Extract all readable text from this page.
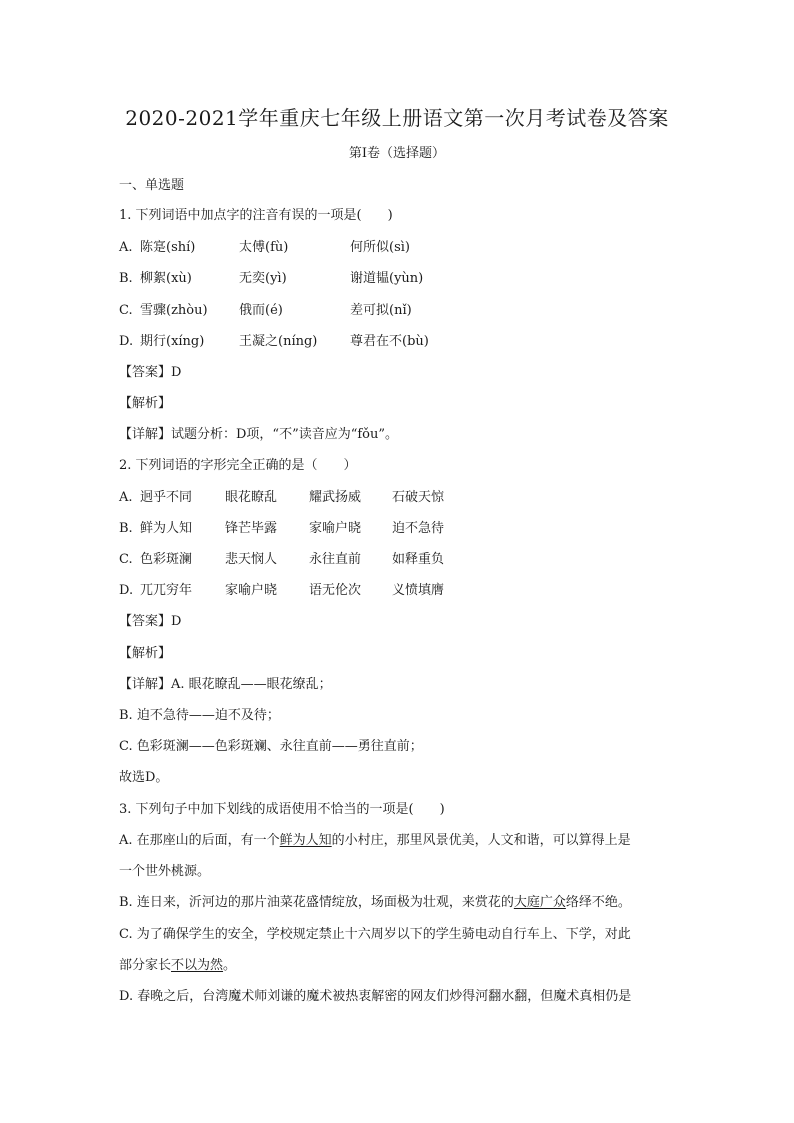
2020-2021学年重庆七年级上册语文第一次月考试卷及答案
第I卷（选择题）
一、单选题
1. 下列词语中加点字的注音有误的一项是(　　)
A. 陈寔(shí)	太傅(fù)	何所似(sì)
B. 柳絮(xù)	无奕(yì)	谢道韫(yùn)
C. 雪骤(zhòu) 俄而(é)	差可拟(nǐ)
D. 期行(xíng)	王凝之(níng)	尊君在不(bù)
【答案】D
【解析】
【详解】试题分析：D项，“不”读音应为“fǒu”。
2. 下列词语的字形完全正确的是（　　）
A. 迥乎不同	眼花瞭乱 耀武扬威 石破天惊
B. 鲜为人知	锋芒毕露 家喻户晓 迫不急待
C. 色彩斑澜	悲天悯人 永往直前 如释重负
D. 兀兀穷年	家喻户晓 语无伦次 义愤填膺
【答案】D
【解析】
【详解】A. 眼花瞭乱——眼花缭乱；
B. 迫不急待——迫不及待；
C. 色彩斑澜——色彩斑斓、永往直前——勇往直前；
故选D。
3. 下列句子中加下划线的成语使用不恰当的一项是(　　)
A. 在那座山的后面，有一个鲜为人知的小村庄，那里风景优美，人文和谐，可以算得上是
一个世外桃源。
B. 连日来，沂河边的那片油菜花盛情绽放，场面极为壮观，来赏花的大庭广众络绎不绝。
C. 为了确保学生的安全，学校规定禁止十六周岁以下的学生骑电动自行车上、下学，对此
部分家长不以为然。
D. 春晚之后，台湾魔术师刘谦的魔术被热衷解密的网友们炒得河翻水翻，但魔术真相仍是
